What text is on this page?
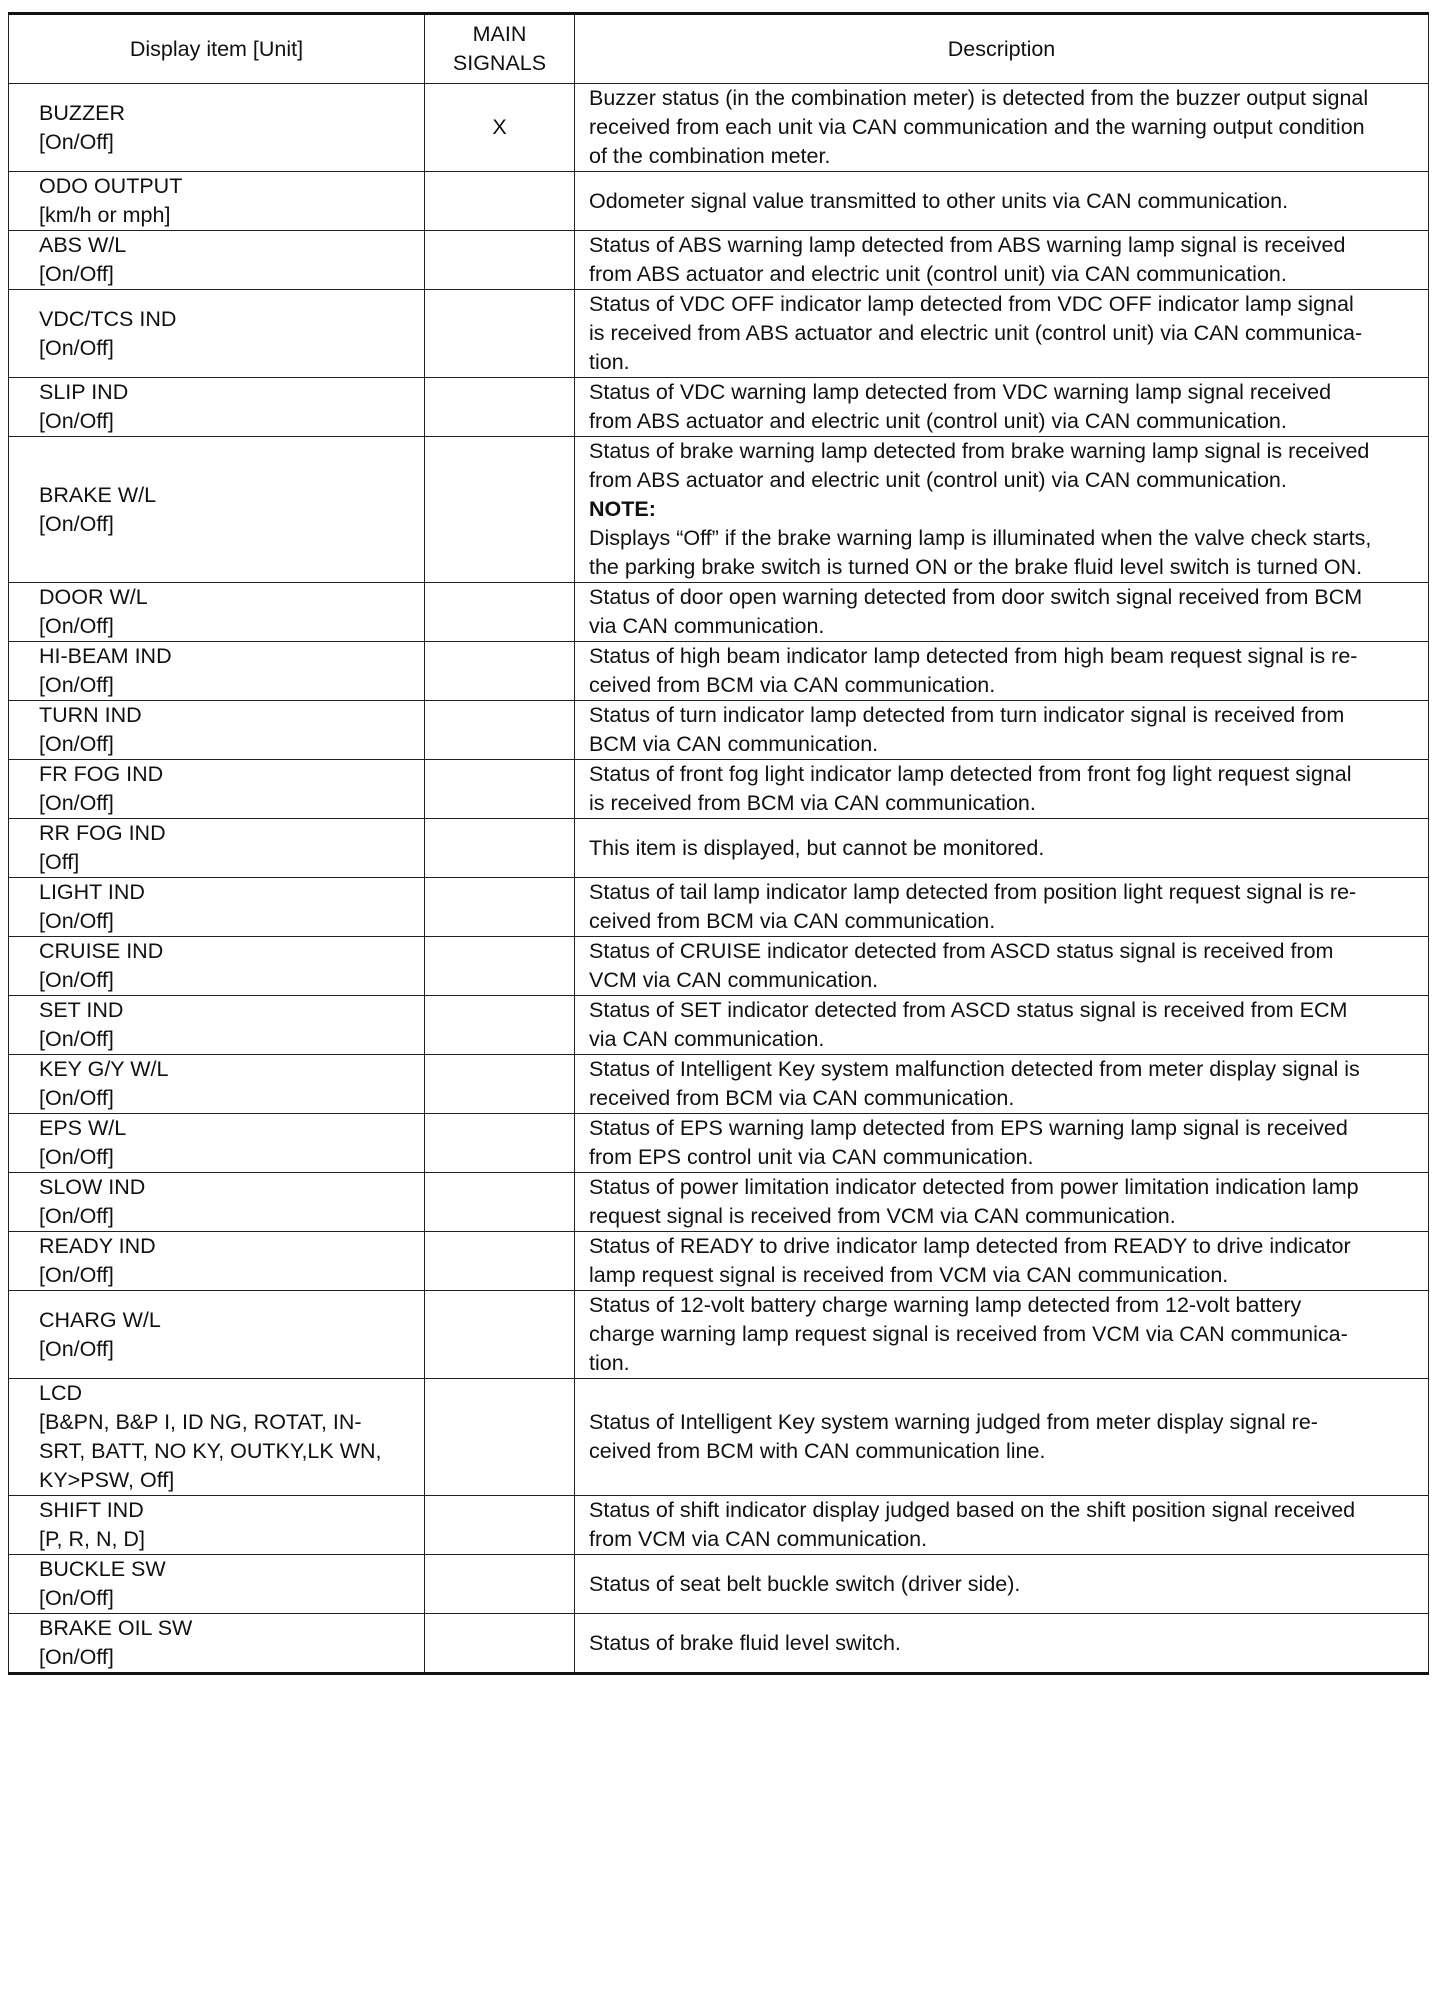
Display item [Unit]	MAIN
SIGNALS	Description

BUZZER
[On/Off]	X	Buzzer status (in the combination meter) is detected from the buzzer output signal
received from each unit via CAN communication and the warning output condition
of the combination meter.

ODO OUTPUT
[km/h or mph]		Odometer signal value transmitted to other units via CAN communication.

ABS W/L
[On/Off]		Status of ABS warning lamp detected from ABS warning lamp signal is received
from ABS actuator and electric unit (control unit) via CAN communication.

VDC/TCS IND
[On/Off]		Status of VDC OFF indicator lamp detected from VDC OFF indicator lamp signal
is received from ABS actuator and electric unit (control unit) via CAN communica-
tion.

SLIP IND
[On/Off]		Status of VDC warning lamp detected from VDC warning lamp signal received
from ABS actuator and electric unit (control unit) via CAN communication.

BRAKE W/L
[On/Off]		Status of brake warning lamp detected from brake warning lamp signal is received
from ABS actuator and electric unit (control unit) via CAN communication.
NOTE:
Displays “Off” if the brake warning lamp is illuminated when the valve check starts,
the parking brake switch is turned ON or the brake fluid level switch is turned ON.

DOOR W/L
[On/Off]		Status of door open warning detected from door switch signal received from BCM
via CAN communication.

HI-BEAM IND
[On/Off]		Status of high beam indicator lamp detected from high beam request signal is re-
ceived from BCM via CAN communication.

TURN IND
[On/Off]		Status of turn indicator lamp detected from turn indicator signal is received from
BCM via CAN communication.

FR FOG IND
[On/Off]		Status of front fog light indicator lamp detected from front fog light request signal
is received from BCM via CAN communication.

RR FOG IND
[Off]		This item is displayed, but cannot be monitored.

LIGHT IND
[On/Off]		Status of tail lamp indicator lamp detected from position light request signal is re-
ceived from BCM via CAN communication.

CRUISE IND
[On/Off]		Status of CRUISE indicator detected from ASCD status signal is received from
VCM via CAN communication.

SET IND
[On/Off]		Status of SET indicator detected from ASCD status signal is received from ECM
via CAN communication.

KEY G/Y W/L
[On/Off]		Status of Intelligent Key system malfunction detected from meter display signal is
received from BCM via CAN communication.

EPS W/L
[On/Off]		Status of EPS warning lamp detected from EPS warning lamp signal is received
from EPS control unit via CAN communication.

SLOW IND
[On/Off]		Status of power limitation indicator detected from power limitation indication lamp
request signal is received from VCM via CAN communication.

READY IND
[On/Off]		Status of READY to drive indicator lamp detected from READY to drive indicator
lamp request signal is received from VCM via CAN communication.

CHARG W/L
[On/Off]		Status of 12-volt battery charge warning lamp detected from 12-volt battery
charge warning lamp request signal is received from VCM via CAN communica-
tion.

LCD
[B&PN, B&P I, ID NG, ROTAT, IN-
SRT, BATT, NO KY, OUTKY,LK WN,
KY>PSW, Off]		Status of Intelligent Key system warning judged from meter display signal re-
ceived from BCM with CAN communication line.

SHIFT IND
[P, R, N, D]		Status of shift indicator display judged based on the shift position signal received
from VCM via CAN communication.

BUCKLE SW
[On/Off]		Status of seat belt buckle switch (driver side).

BRAKE OIL SW
[On/Off]		Status of brake fluid level switch.
